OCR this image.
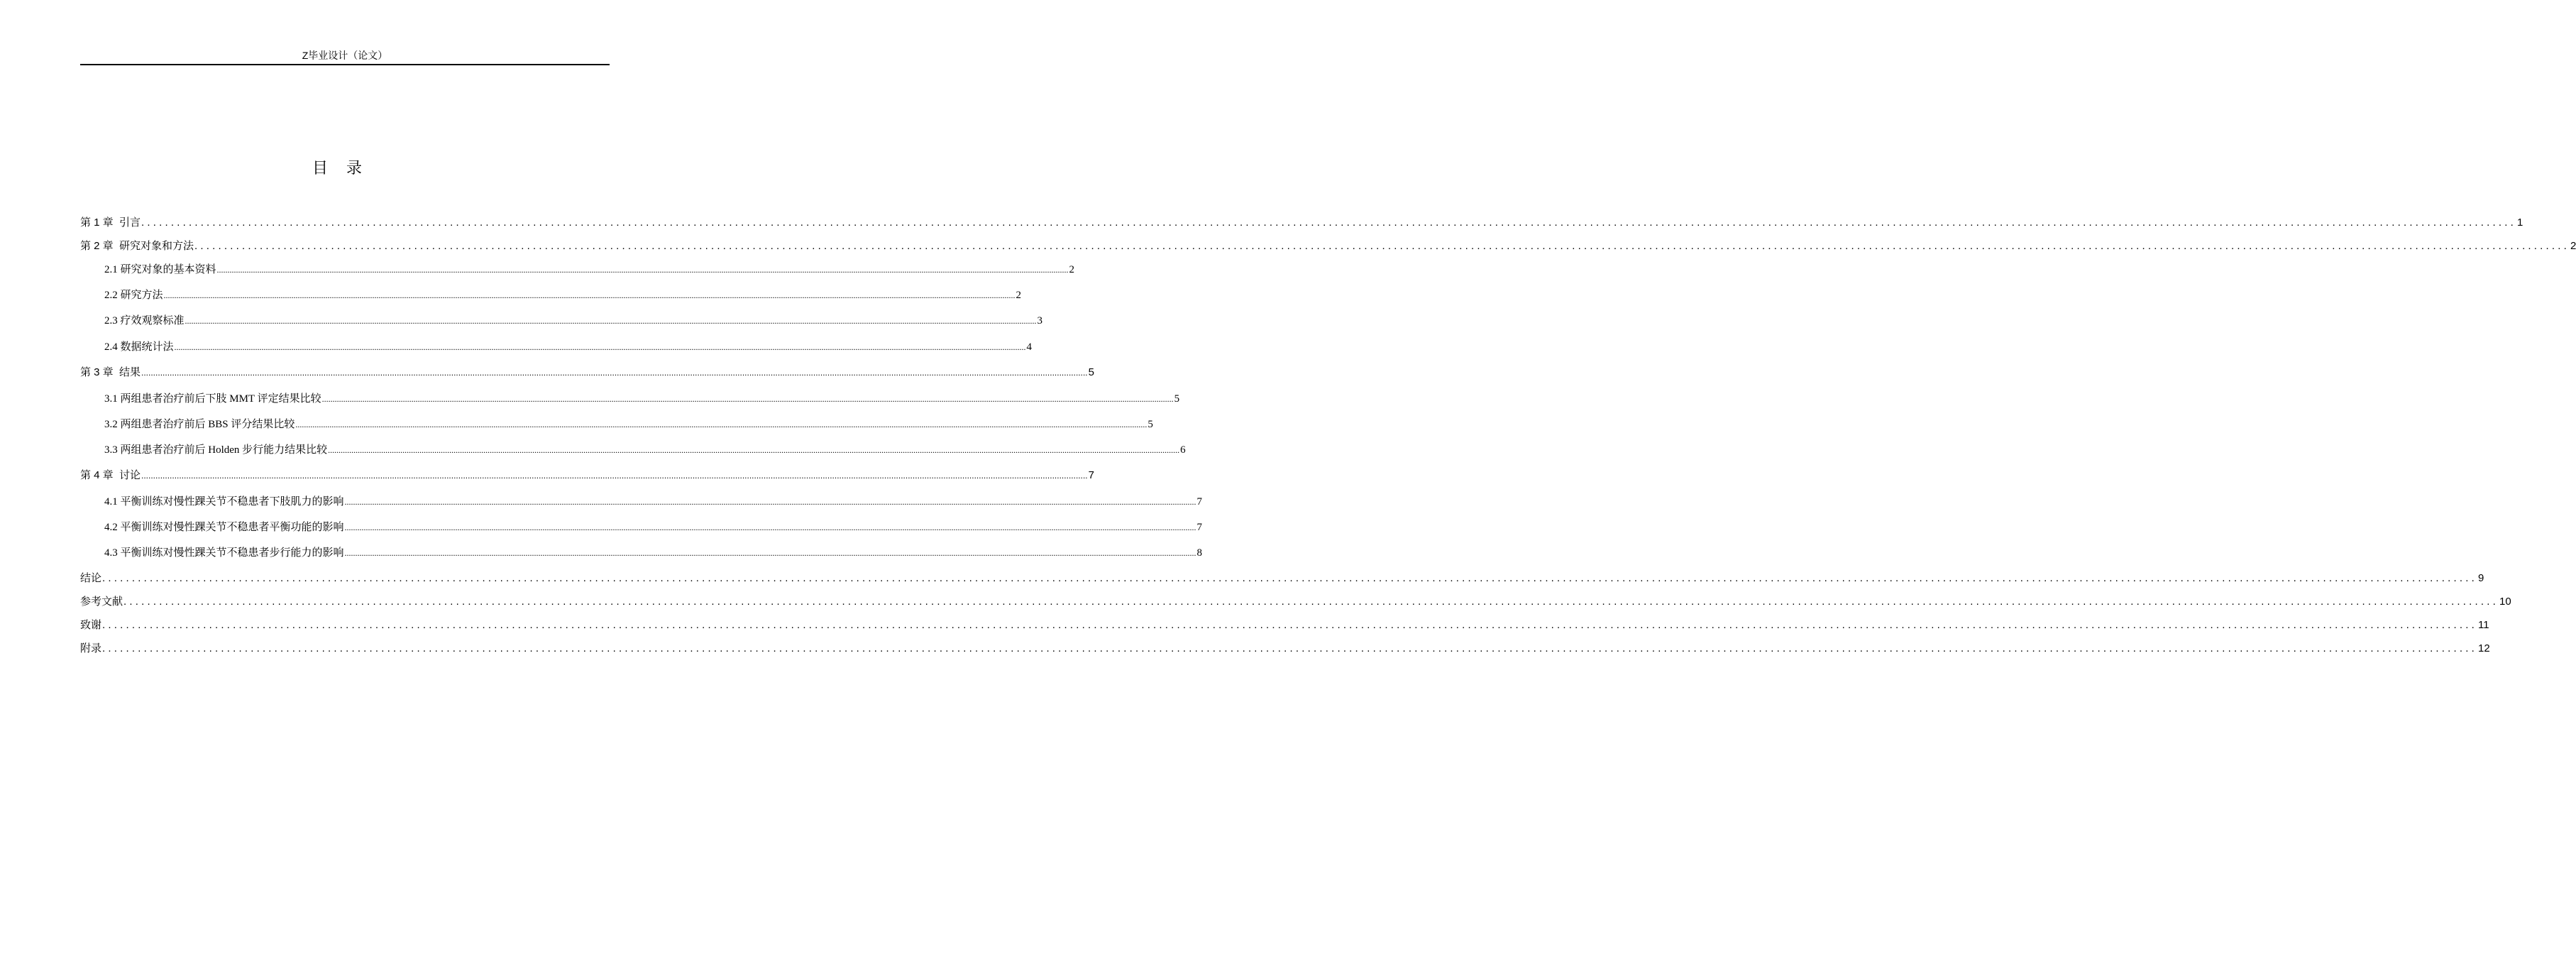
Z毕业设计（论文）
目录
第 1 章  引言 ................................................................................................................................................................................................................................................................................................................................................................................................................ 1
第 2 章  研究对象和方法 ................................................................................................................................................................................................................................................................................................................................................................................................................ 2
2.1 研究对象的基本资料 ................................................................................................................................................................................................................................................................................................................................................................................................................ 2
2.2 研究方法 ................................................................................................................................................................................................................................................................................................................................................................................................................ 2
2.3 疗效观察标准 ................................................................................................................................................................................................................................................................................................................................................................................................................ 3
2.4 数据统计法 ................................................................................................................................................................................................................................................................................................................................................................................................................ 4
第 3 章  结果 ................................................................................................................................................................................................................................................................................................................................................................................................................ 5
3.1 两组患者治疗前后下肢 MMT 评定结果比较 ................................................................................................................................................................................................................................................................................................................................................................................................................ 5
3.2 两组患者治疗前后 BBS 评分结果比较 ................................................................................................................................................................................................................................................................................................................................................................................................................ 5
3.3 两组患者治疗前后 Holden 步行能力结果比较 ................................................................................................................................................................................................................................................................................................................................................................................................................ 6
第 4 章  讨论 ................................................................................................................................................................................................................................................................................................................................................................................................................ 7
4.1 平衡训练对慢性踝关节不稳患者下肢肌力的影响 ................................................................................................................................................................................................................................................................................................................................................................................................................ 7
4.2 平衡训练对慢性踝关节不稳患者平衡功能的影响 ................................................................................................................................................................................................................................................................................................................................................................................................................ 7
4.3 平衡训练对慢性踝关节不稳患者步行能力的影响 ................................................................................................................................................................................................................................................................................................................................................................................................................ 8
结论 ................................................................................................................................................................................................................................................................................................................................................................................................................ 9
参考文献 ................................................................................................................................................................................................................................................................................................................................................................................................................ 10
致谢 ................................................................................................................................................................................................................................................................................................................................................................................................................ 11
附录 ................................................................................................................................................................................................................................................................................................................................................................................................................ 12
